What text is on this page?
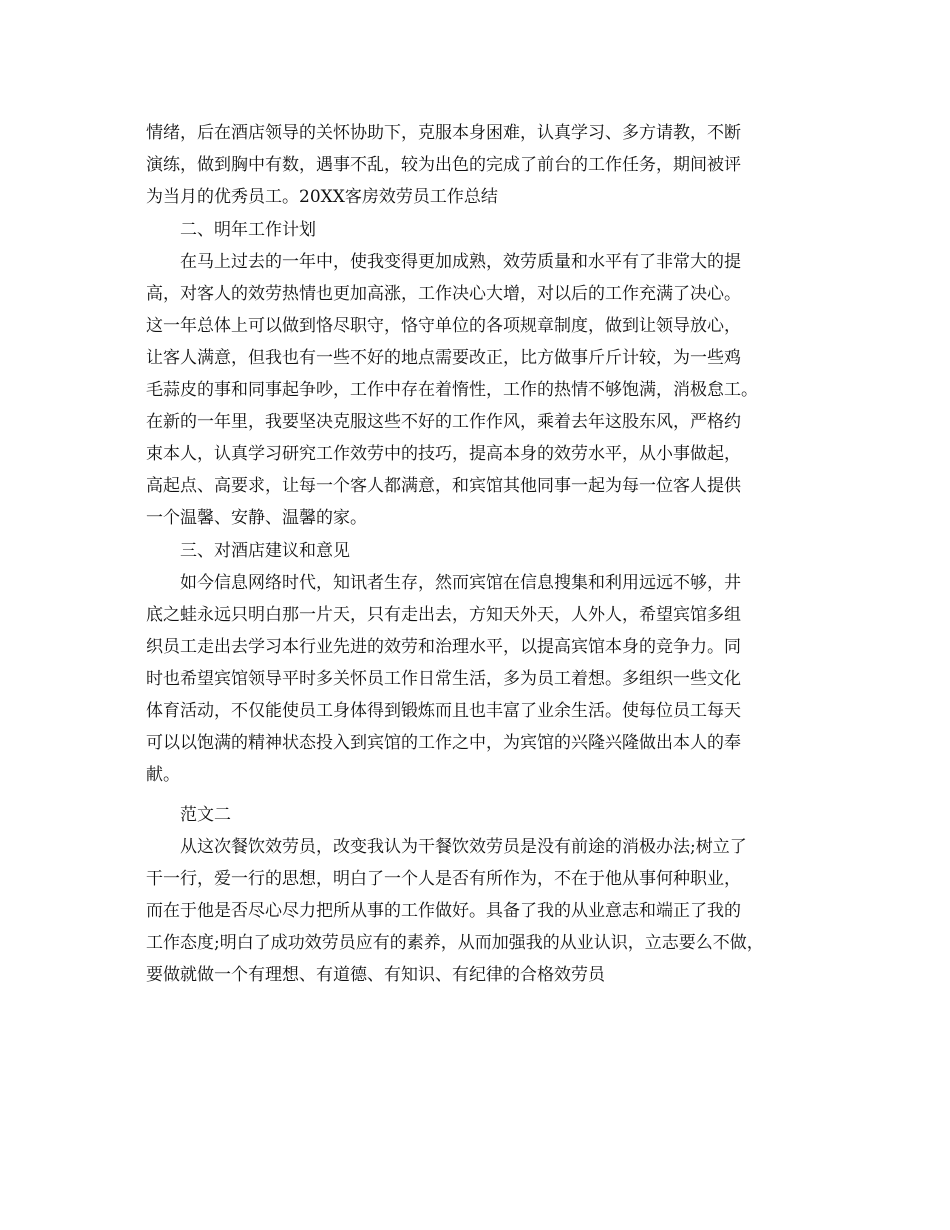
情绪，后在酒店领导的关怀协助下，克服本身困难，认真学习、多方请教，不断
演练，做到胸中有数，遇事不乱，较为出色的完成了前台的工作任务，期间被评
为当月的优秀员工。20XX客房效劳员工作总结
二、明年工作计划
在马上过去的一年中，使我变得更加成熟，效劳质量和水平有了非常大的提
高，对客人的效劳热情也更加高涨，工作决心大增，对以后的工作充满了决心。
这一年总体上可以做到恪尽职守，恪守单位的各项规章制度，做到让领导放心，
让客人满意，但我也有一些不好的地点需要改正，比方做事斤斤计较，为一些鸡
毛蒜皮的事和同事起争吵，工作中存在着惰性，工作的热情不够饱满，消极怠工。
在新的一年里，我要坚决克服这些不好的工作作风，乘着去年这股东风，严格约
束本人，认真学习研究工作效劳中的技巧，提高本身的效劳水平，从小事做起，
高起点、高要求，让每一个客人都满意，和宾馆其他同事一起为每一位客人提供
一个温馨、安静、温馨的家。
三、对酒店建议和意见
如今信息网络时代，知讯者生存，然而宾馆在信息搜集和利用远远不够，井
底之蛙永远只明白那一片天，只有走出去，方知天外天，人外人，希望宾馆多组
织员工走出去学习本行业先进的效劳和治理水平，以提高宾馆本身的竞争力。同
时也希望宾馆领导平时多关怀员工作日常生活，多为员工着想。多组织一些文化
体育活动，不仅能使员工身体得到锻炼而且也丰富了业余生活。使每位员工每天
可以以饱满的精神状态投入到宾馆的工作之中，为宾馆的兴隆兴隆做出本人的奉
献。
范文二
从这次餐饮效劳员，改变我认为干餐饮效劳员是没有前途的消极办法;树立了
干一行，爱一行的思想，明白了一个人是否有所作为，不在于他从事何种职业，
而在于他是否尽心尽力把所从事的工作做好。具备了我的从业意志和端正了我的
工作态度;明白了成功效劳员应有的素养，从而加强我的从业认识，立志要么不做，
要做就做一个有理想、有道德、有知识、有纪律的合格效劳员
